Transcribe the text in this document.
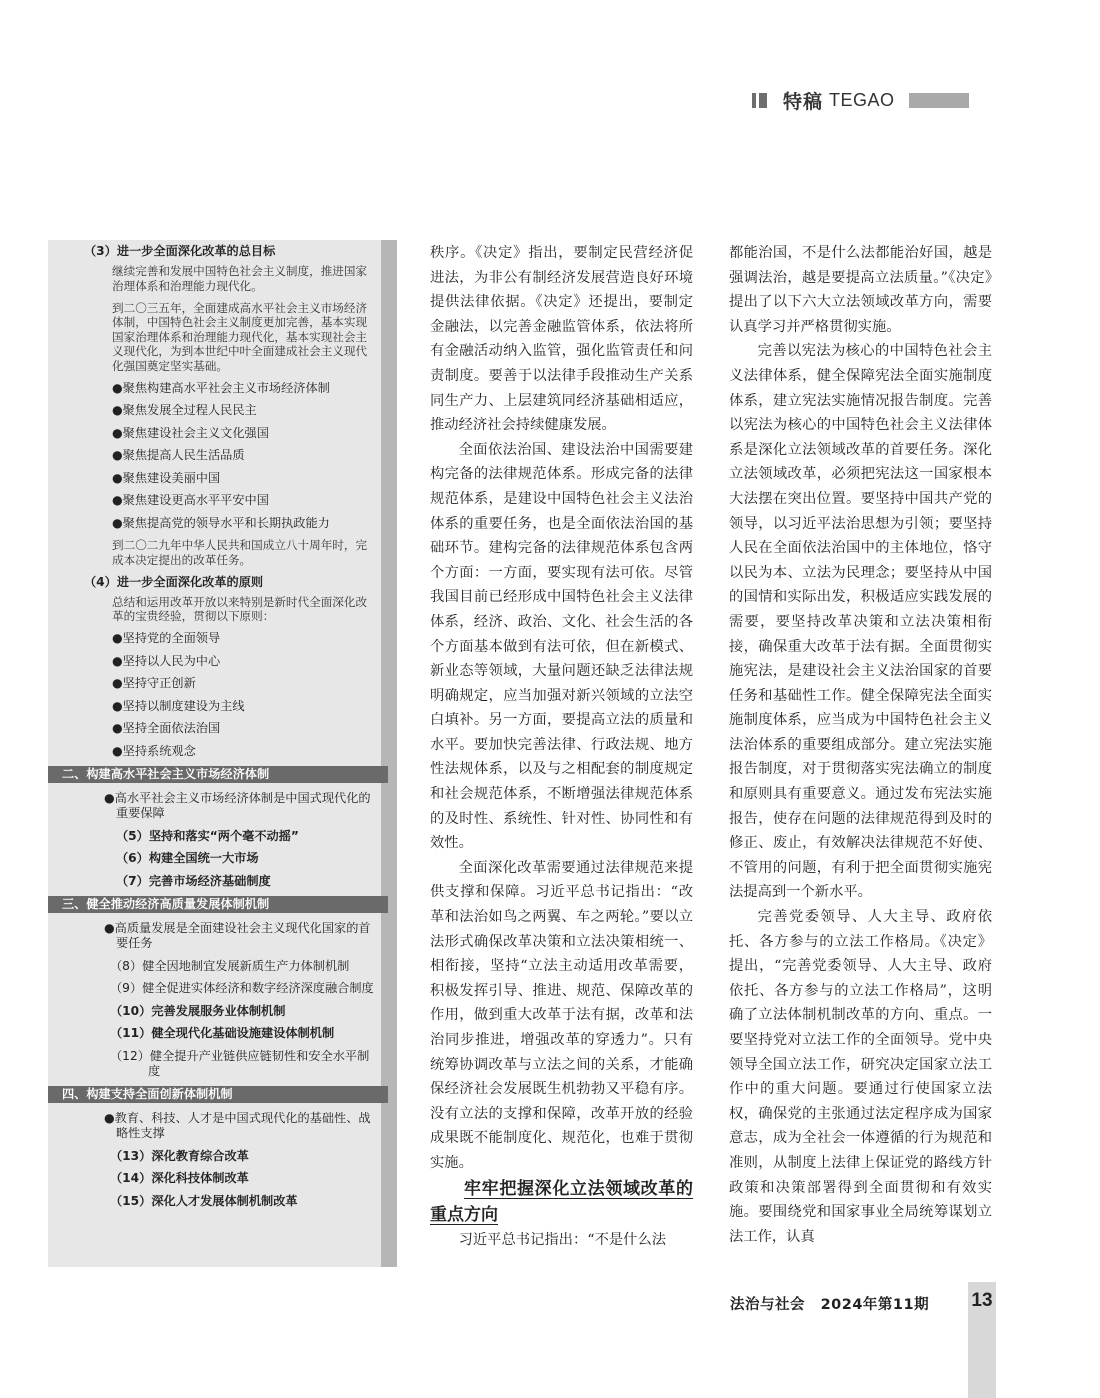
特稿 TEGAO
（3）进一步全面深化改革的总目标
继续完善和发展中国特色社会主义制度，推进国家治理体系和治理能力现代化。
到二〇三五年，全面建成高水平社会主义市场经济体制，中国特色社会主义制度更加完善，基本实现国家治理体系和治理能力现代化，基本实现社会主义现代化，为到本世纪中叶全面建成社会主义现代化强国奠定坚实基础。
●聚焦构建高水平社会主义市场经济体制
●聚焦发展全过程人民民主
●聚焦建设社会主义文化强国
●聚焦提高人民生活品质
●聚焦建设美丽中国
●聚焦建设更高水平平安中国
●聚焦提高党的领导水平和长期执政能力
到二〇二九年中华人民共和国成立八十周年时，完成本决定提出的改革任务。
（4）进一步全面深化改革的原则
总结和运用改革开放以来特别是新时代全面深化改革的宝贵经验，贯彻以下原则：
●坚持党的全面领导
●坚持以人民为中心
●坚持守正创新
●坚持以制度建设为主线
●坚持全面依法治国
●坚持系统观念
二、构建高水平社会主义市场经济体制
●高水平社会主义市场经济体制是中国式现代化的重要保障
（5）坚持和落实“两个毫不动摇”
（6）构建全国统一大市场
（7）完善市场经济基础制度
三、健全推动经济高质量发展体制机制
●高质量发展是全面建设社会主义现代化国家的首要任务
（8）健全因地制宜发展新质生产力体制机制
（9）健全促进实体经济和数字经济深度融合制度
（10）完善发展服务业体制机制
（11）健全现代化基础设施建设体制机制
（12）健全提升产业链供应链韧性和安全水平制度
四、构建支持全面创新体制机制
●教育、科技、人才是中国式现代化的基础性、战略性支撑
（13）深化教育综合改革
（14）深化科技体制改革
（15）深化人才发展体制机制改革

秩序。《决定》指出，要制定民营经济促进法，为非公有制经济发展营造良好环境提供法律依据。《决定》还提出，要制定金融法，以完善金融监管体系，依法将所有金融活动纳入监管，强化监管责任和问责制度。要善于以法律手段推动生产关系同生产力、上层建筑同经济基础相适应，推动经济社会持续健康发展。

全面依法治国、建设法治中国需要建构完备的法律规范体系。形成完备的法律规范体系，是建设中国特色社会主义法治体系的重要任务，也是全面依法治国的基础环节。建构完备的法律规范体系包含两个方面：一方面，要实现有法可依。尽管我国目前已经形成中国特色社会主义法律体系，经济、政治、文化、社会生活的各个方面基本做到有法可依，但在新模式、新业态等领域，大量问题还缺乏法律法规明确规定，应当加强对新兴领域的立法空白填补。另一方面，要提高立法的质量和水平。要加快完善法律、行政法规、地方性法规体系，以及与之相配套的制度规定和社会规范体系，不断增强法律规范体系的及时性、系统性、针对性、协同性和有效性。

全面深化改革需要通过法律规范来提供支撑和保障。习近平总书记指出：“改革和法治如鸟之两翼、车之两轮。”要以立法形式确保改革决策和立法决策相统一、相衔接，坚持“立法主动适用改革需要，积极发挥引导、推进、规范、保障改革的作用，做到重大改革于法有据，改革和法治同步推进，增强改革的穿透力”。只有统筹协调改革与立法之间的关系，才能确保经济社会发展既生机勃勃又平稳有序。没有立法的支撑和保障，改革开放的经验成果既不能制度化、规范化，也难于贯彻实施。

牢牢把握深化立法领域改革的重点方向

习近平总书记指出：“不是什么法

都能治国，不是什么法都能治好国，越是强调法治，越是要提高立法质量。”《决定》提出了以下六大立法领域改革方向，需要认真学习并严格贯彻实施。

完善以宪法为核心的中国特色社会主义法律体系，健全保障宪法全面实施制度体系，建立宪法实施情况报告制度。完善以宪法为核心的中国特色社会主义法律体系是深化立法领域改革的首要任务。深化立法领域改革，必须把宪法这一国家根本大法摆在突出位置。要坚持中国共产党的领导，以习近平法治思想为引领；要坚持人民在全面依法治国中的主体地位，恪守以民为本、立法为民理念；要坚持从中国的国情和实际出发，积极适应实践发展的需要，要坚持改革决策和立法决策相衔接，确保重大改革于法有据。全面贯彻实施宪法，是建设社会主义法治国家的首要任务和基础性工作。健全保障宪法全面实施制度体系，应当成为中国特色社会主义法治体系的重要组成部分。建立宪法实施报告制度，对于贯彻落实宪法确立的制度和原则具有重要意义。通过发布宪法实施报告，使存在问题的法律规范得到及时的修正、废止，有效解决法律规范不好使、不管用的问题，有利于把全面贯彻实施宪法提高到一个新水平。

完善党委领导、人大主导、政府依托、各方参与的立法工作格局。《决定》提出，“完善党委领导、人大主导、政府依托、各方参与的立法工作格局”，这明确了立法体制机制改革的方向、重点。一要坚持党对立法工作的全面领导。党中央领导全国立法工作，研究决定国家立法工作中的重大问题。要通过行使国家立法权，确保党的主张通过法定程序成为国家意志，成为全社会一体遵循的行为规范和准则，从制度上法律上保证党的路线方针政策和决策部署得到全面贯彻和有效实施。要围绕党和国家事业全局统筹谋划立法工作，认真

法治与社会 2024年第11期	13
